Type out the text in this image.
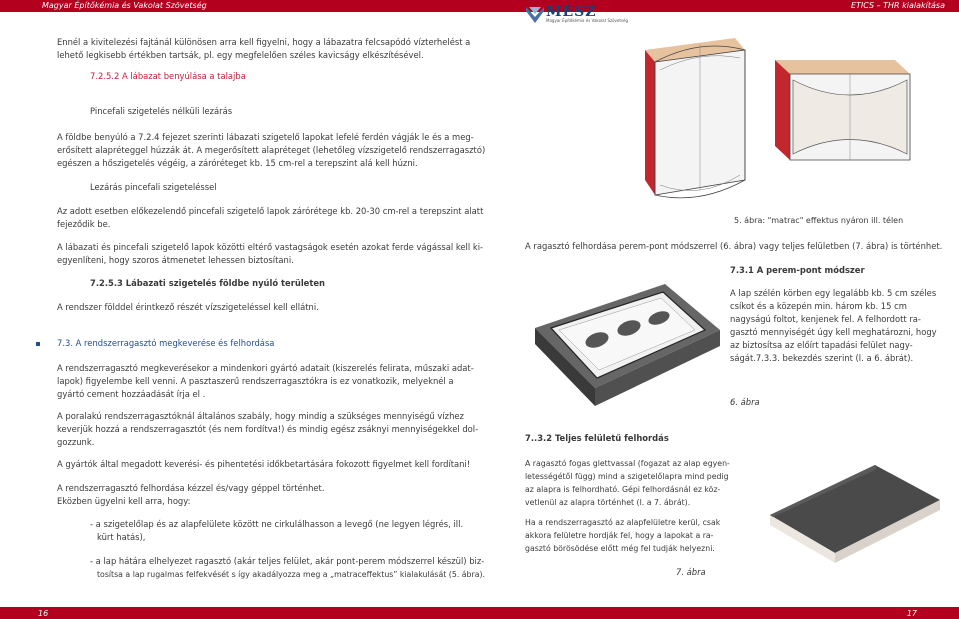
Magyar Építőkémia és Vakolat Szövetség	ETICS – THR kialakítása
MÉSZ
Magyar Építőkémia és Vakolat Szövetség
Ennél a kivitelezési fajtánál különösen arra kell figyelni, hogy a lábazatra felcsapódó vízterhelést a
lehető legkisebb értékben tartsák, pl. egy megfelelően széles kavicságy elkészítésével.
7.2.5.2 A lábazat benyúlása a talajba
Pincefali szigetelés nélküli lezárás
A földbe benyúló a 7.2.4 fejezet szerinti lábazati szigetelő lapokat lefelé ferdén vágják le és a meg-
erősített alapréteggel húzzák át. A megerősített alapréteget (lehetőleg vízszigetelő rendszerragasztó)
egészen a hőszigetelés végéig, a záróréteget kb. 15 cm-rel a terepszint alá kell húzni.
Lezárás pincefali szigeteléssel
Az adott esetben előkezelendő pincefali szigetelő lapok zárórétege kb. 20-30 cm-rel a terepszint alatt
fejeződik be.
A lábazati és pincefali szigetelő lapok közötti eltérő vastagságok esetén azokat ferde vágással kell ki-
egyenlíteni, hogy szoros átmenetet lehessen biztosítani.
7.2.5.3 Lábazati szigetelés földbe nyúló területen
A rendszer földdel érintkező részét vízszigeteléssel kell ellátni.
7.3. A rendszerragasztó megkeverése és felhordása
A rendszerragasztó megkeverésekor a mindenkori gyártó adatait (kiszerelés felirata, műszaki adat-
lapok) figyelembe kell venni. A pasztaszerű rendszerragasztókra is ez vonatkozik, melyeknél a
gyártó cement hozzáadását írja el .
A poralakú rendszerragasztóknál általános szabály, hogy mindig a szükséges mennyiségű vízhez
keverjük hozzá a rendszerragasztót (és nem fordítva!) és mindig egész zsáknyi mennyiségekkel dol-
gozzunk.
A gyártók által megadott keverési- és pihentetési időkbetartására fokozott figyelmet kell fordítani!
A rendszerragasztó felhordása kézzel és/vagy géppel történhet.
Eközben ügyelni kell arra, hogy:
- a szigetelőlap és az alapfelülete között ne cirkulálhasson a levegő (ne legyen légrés, ill.
kürt hatás),
- a lap hátára elhelyezet ragasztó (akár teljes felület, akár pont-perem módszerrel készül) biz-
tosítsa a lap rugalmas felfekvését s így akadályozza meg a „matraceffektus” kialakulását (5. ábra).
5. ábra: "matrac" effektus nyáron ill. télen
A ragasztó felhordása perem-pont módszerrel (6. ábra) vagy teljes felületben (7. ábra) is történhet.
7.3.1 A perem-pont módszer
A lap szélén körben egy legalább kb. 5 cm széles
csíkot és a közepén min. három kb. 15 cm
nagyságú foltot, kenjenek fel. A felhordott ra-
gasztó mennyiségét úgy kell meghatározni, hogy
az biztosítsa az előírt tapadási felület nagy-
ságát.7.3.3. bekezdés szerint (l. a 6. ábrát).
6. ábra
7..3.2 Teljes felületű felhordás
A ragasztó fogas glettvassal (fogazat az alap egyen-
letességétől függ) mind a szigetelőlapra mind pedig
az alapra is felhordható. Gépi felhordásnál ez köz-
vetlenül az alapra történhet (l. a 7. ábrát).
Ha a rendszerragasztó az alapfelületre kerül, csak
akkora felületre hordják fel, hogy a lapokat a ra-
gasztó börösödése előtt még fel tudják helyezni.
7. ábra
16	17
